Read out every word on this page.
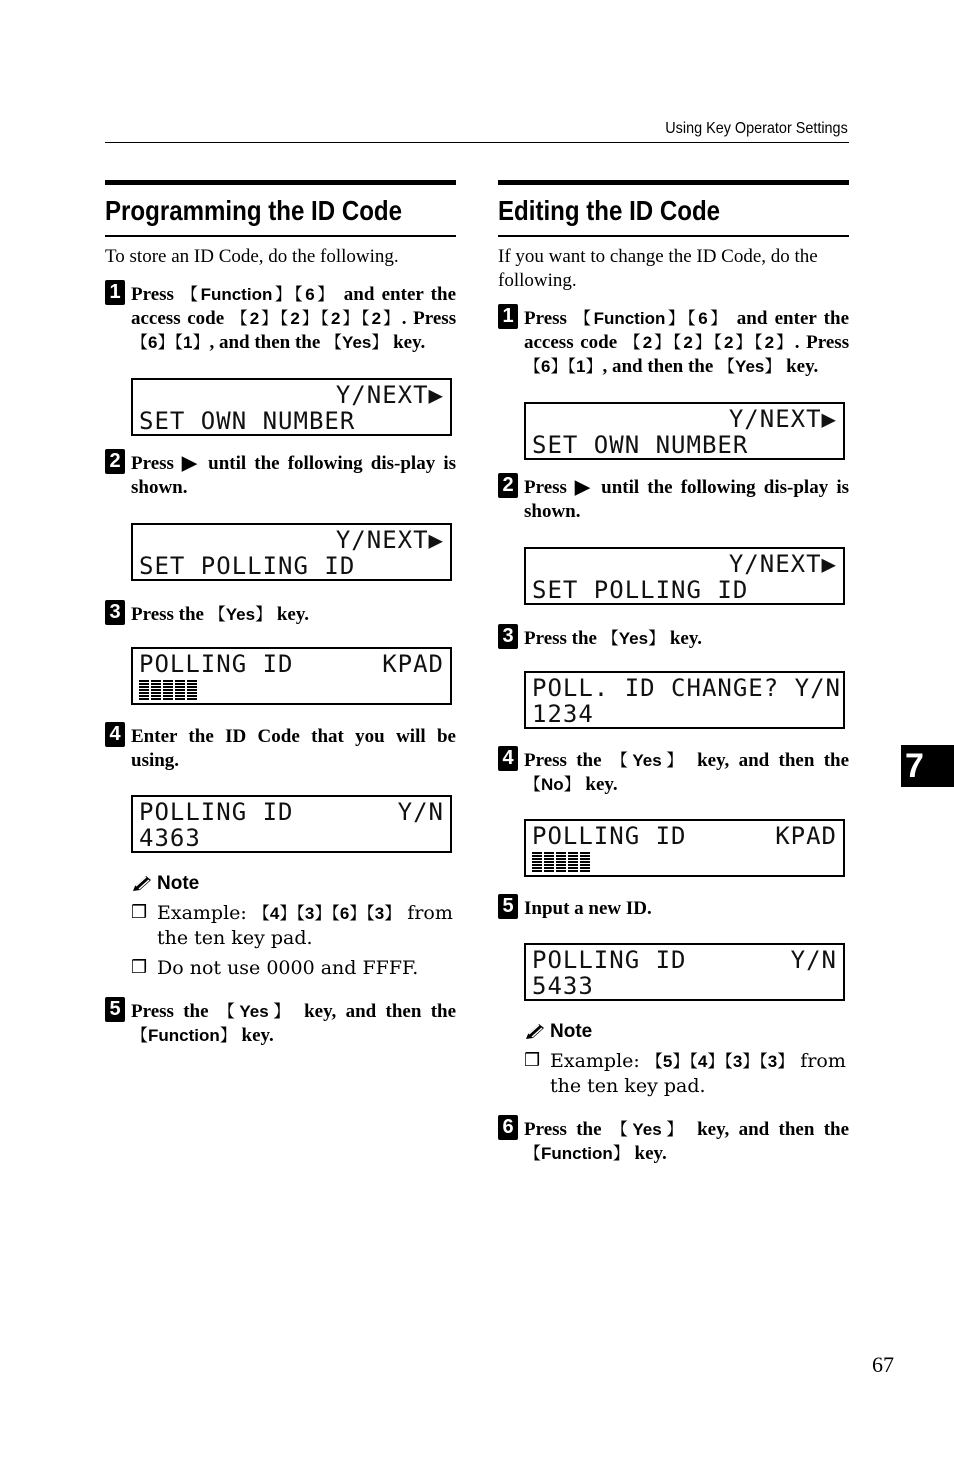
Using Key Operator Settings
Programming the ID Code
To store an ID Code, do the following.
1 Press 【 Function 】 【 6 】 and enter the access code 【 2 】 【 2 】 【 2 】 【 2 】 . Press 【 6 】 【 1 】 , and then the 【 Yes 】 key.
Y/NEXT▶
SET OWN NUMBER
2 Press ▶ until the following dis-play is shown.
Y/NEXT▶
SET POLLING ID
3 Press the 【 Yes 】 key.
POLLING ID	KPAD
4 Enter the ID Code that you will be using.
POLLING ID	Y/N
4363
Note
❒ Example: 【 4 】 【 3 】 【 6 】 【 3 】 from the ten key pad.
❒ Do not use 0000 and FFFF.
5 Press the 【 Yes 】 key, and then the 【 Function 】 key.
Editing the ID Code
If you want to change the ID Code, do the following.
1 Press 【 Function 】 【 6 】 and enter the access code 【 2 】 【 2 】 【 2 】 【 2 】 . Press 【 6 】 【 1 】 , and then the 【 Yes 】 key.
Y/NEXT▶
SET OWN NUMBER
2 Press ▶ until the following dis-play is shown.
Y/NEXT▶
SET POLLING ID
3 Press the 【 Yes 】 key.
POLL. ID CHANGE? Y/N
1234
4 Press the 【 Yes 】 key, and then the 【 No 】 key.
POLLING ID	KPAD
5 Input a new ID.
POLLING ID	Y/N
5433
Note
❒ Example: 【 5 】 【 4 】 【 3 】 【 3 】 from the ten key pad.
6 Press the 【 Yes 】 key, and then the 【 Function 】 key.
7
67
